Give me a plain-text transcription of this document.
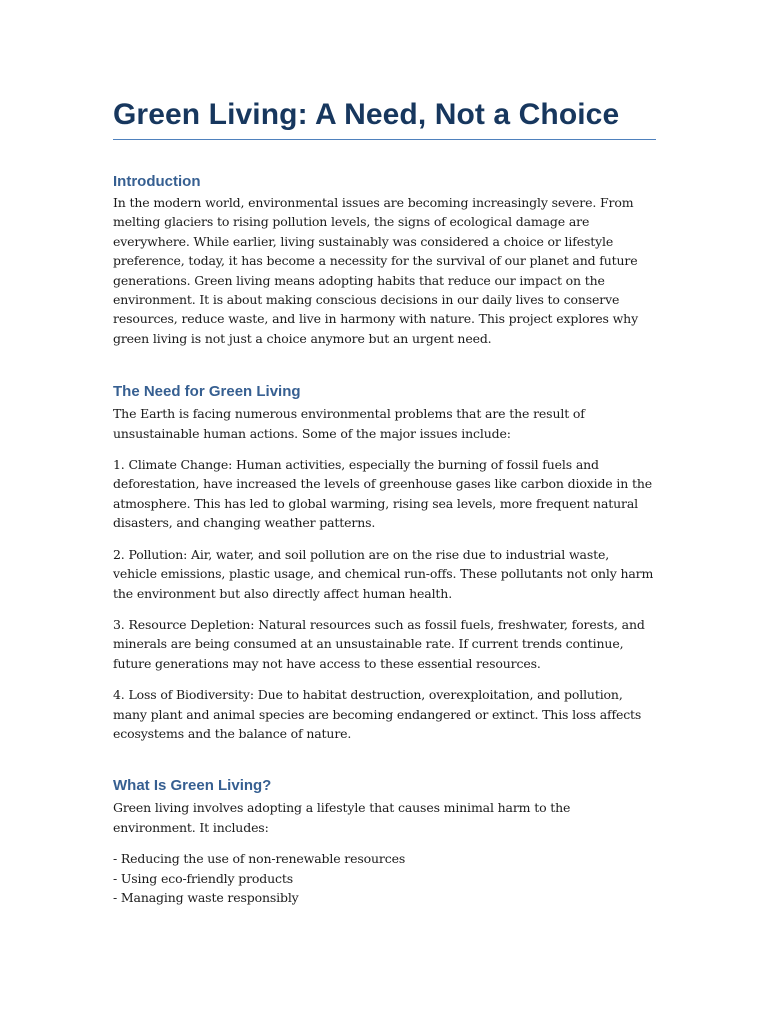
Green Living: A Need, Not a Choice
Introduction

In the modern world, environmental issues are becoming increasingly severe. From melting glaciers to rising pollution levels, the signs of ecological damage are everywhere. While earlier, living sustainably was considered a choice or lifestyle preference, today, it has become a necessity for the survival of our planet and future generations. Green living means adopting habits that reduce our impact on the environment. It is about making conscious decisions in our daily lives to conserve resources, reduce waste, and live in harmony with nature. This project explores why green living is not just a choice anymore but an urgent need.

The Need for Green Living

The Earth is facing numerous environmental problems that are the result of unsustainable human actions. Some of the major issues include:

1. Climate Change: Human activities, especially the burning of fossil fuels and deforestation, have increased the levels of greenhouse gases like carbon dioxide in the atmosphere. This has led to global warming, rising sea levels, more frequent natural disasters, and changing weather patterns.

2. Pollution: Air, water, and soil pollution are on the rise due to industrial waste, vehicle emissions, plastic usage, and chemical run-offs. These pollutants not only harm the environment but also directly affect human health.

3. Resource Depletion: Natural resources such as fossil fuels, freshwater, forests, and minerals are being consumed at an unsustainable rate. If current trends continue, future generations may not have access to these essential resources.

4. Loss of Biodiversity: Due to habitat destruction, overexploitation, and pollution, many plant and animal species are becoming endangered or extinct. This loss affects ecosystems and the balance of nature.

What Is Green Living?

Green living involves adopting a lifestyle that causes minimal harm to the environment. It includes:

- Reducing the use of non-renewable resources

- Using eco-friendly products

- Managing waste responsibly
